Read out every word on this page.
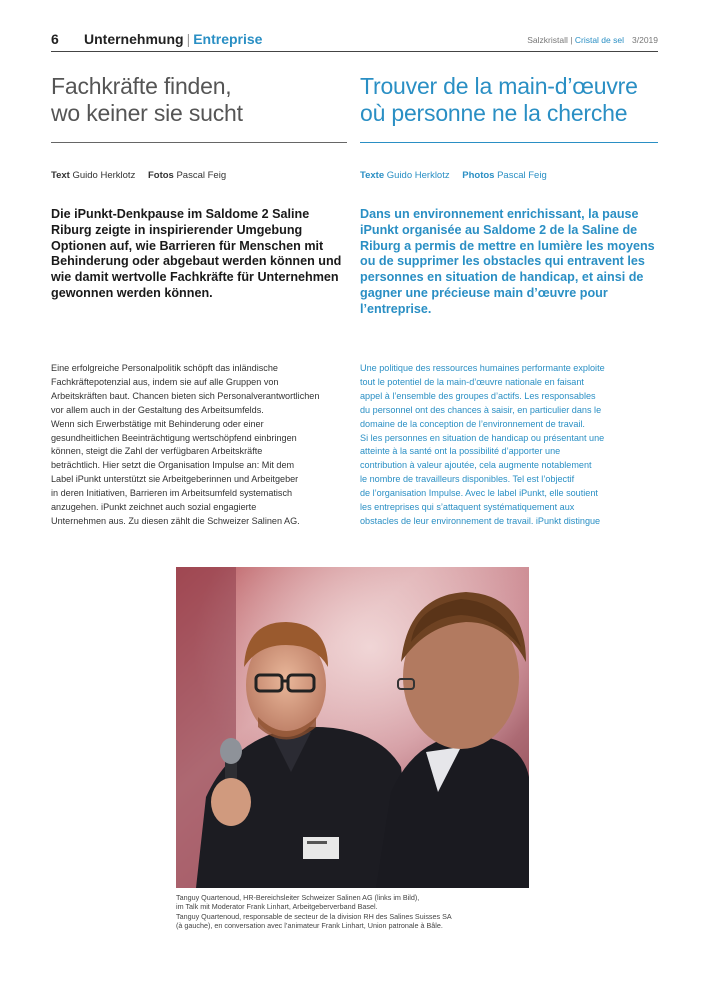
6 Unternehmung | Entreprise	Salzkristall | Cristal de sel 3/2019
Fachkräfte finden,
wo keiner sie sucht
Trouver de la main-d’œuvre
où personne ne la cherche
Text Guido Herklotz Fotos Pascal Feig	Texte Guido Herklotz Photos Pascal Feig
Die iPunkt-Denkpause im Saldome 2 Saline Riburg zeigte in inspirierender Umgebung Optionen auf, wie Barrieren für Menschen mit Behinderung oder abgebaut werden können und wie damit wertvolle Fachkräfte für Unternehmen gewonnen werden können.
Dans un environnement enrichissant, la pause iPunkt organisée au Saldome 2 de la Saline de Riburg a permis de mettre en lumière les moyens ou de supprimer les obstacles qui entravent les personnes en situation de handicap, et ainsi de gagner une précieuse main d’œuvre pour l’entreprise.
Eine erfolgreiche Personalpolitik schöpft das inländische
Fachkräftepotenzial aus, indem sie auf alle Gruppen von
Arbeitskräften baut. Chancen bieten sich Personalverantwortlichen
vor allem auch in der Gestaltung des Arbeitsumfelds.
Wenn sich Erwerbstätige mit Behinderung oder einer
gesundheitlichen Beeinträchtigung wertschöpfend einbringen
können, steigt die Zahl der verfügbaren Arbeitskräfte
beträchtlich. Hier setzt die Organisation Impulse an: Mit dem
Label iPunkt unterstützt sie Arbeitgeberinnen und Arbeitgeber
in deren Initiativen, Barrieren im Arbeitsumfeld systematisch
anzugehen. iPunkt zeichnet auch sozial engagierte
Unternehmen aus. Zu diesen zählt die Schweizer Salinen AG.
Une politique des ressources humaines performante exploite
tout le potentiel de la main-d’œuvre nationale en faisant
appel à l’ensemble des groupes d’actifs. Les responsables
du personnel ont des chances à saisir, en particulier dans le
domaine de la conception de l’environnement de travail.
Si les personnes en situation de handicap ou présentant une
atteinte à la santé ont la possibilité d’apporter une
contribution à valeur ajoutée, cela augmente notablement
le nombre de travailleurs disponibles. Tel est l’objectif
de l’organisation Impulse. Avec le label iPunkt, elle soutient
les entreprises qui s’attaquent systématiquement aux
obstacles de leur environnement de travail. iPunkt distingue
Tanguy Quartenoud, HR-Bereichsleiter Schweizer Salinen AG (links im Bild),
im Talk mit Moderator Frank Linhart, Arbeitgeberverband Basel.
Tanguy Quartenoud, responsable de secteur de la division RH des Salines Suisses SA
(à gauche), en conversation avec l’animateur Frank Linhart, Union patronale à Bâle.
